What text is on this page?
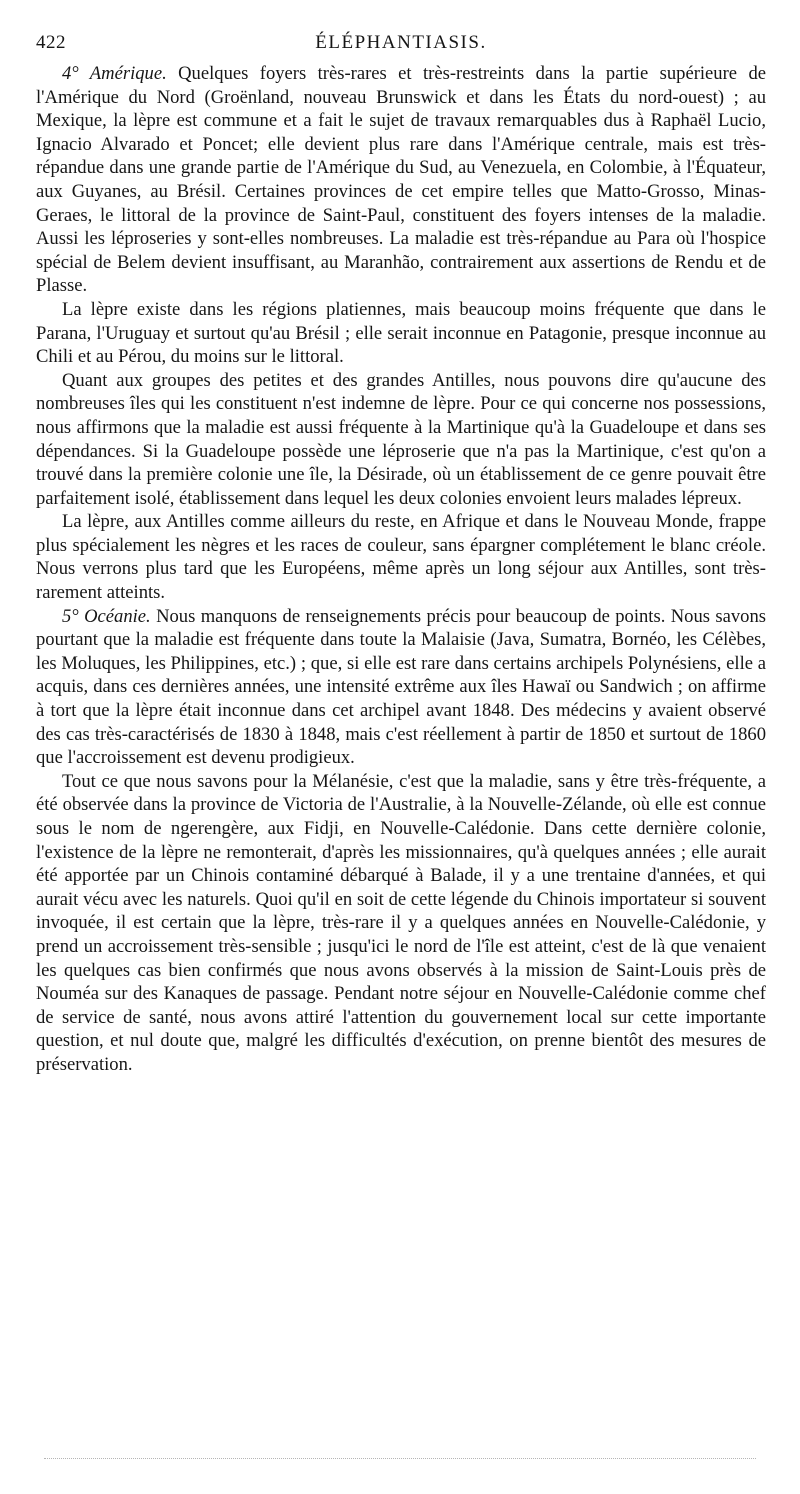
422	ÉLÉPHANTIASIS.

4° Amérique. Quelques foyers très-rares et très-restreints dans la partie supérieure de l'Amérique du Nord (Groënland, nouveau Brunswick et dans les États du nord-ouest) ; au Mexique, la lèpre est commune et a fait le sujet de travaux remarquables dus à Raphaël Lucio, Ignacio Alvarado et Poncet; elle devient plus rare dans l'Amérique centrale, mais est très-répandue dans une grande partie de l'Amérique du Sud, au Venezuela, en Colombie, à l'Équateur, aux Guyanes, au Brésil. Certaines provinces de cet empire telles que Matto-Grosso, Minas-Geraes, le littoral de la province de Saint-Paul, constituent des foyers intenses de la maladie. Aussi les léproseries y sont-elles nombreuses. La maladie est très-répandue au Para où l'hospice spécial de Belem devient insuffisant, au Maranhão, contrairement aux assertions de Rendu et de Plasse.

La lèpre existe dans les régions platiennes, mais beaucoup moins fréquente que dans le Parana, l'Uruguay et surtout qu'au Brésil ; elle serait inconnue en Patagonie, presque inconnue au Chili et au Pérou, du moins sur le littoral.

Quant aux groupes des petites et des grandes Antilles, nous pouvons dire qu'aucune des nombreuses îles qui les constituent n'est indemne de lèpre. Pour ce qui concerne nos possessions, nous affirmons que la maladie est aussi fréquente à la Martinique qu'à la Guadeloupe et dans ses dépendances. Si la Guadeloupe possède une léproserie que n'a pas la Martinique, c'est qu'on a trouvé dans la première colonie une île, la Désirade, où un établissement de ce genre pouvait être parfaitement isolé, établissement dans lequel les deux colonies envoient leurs malades lépreux.

La lèpre, aux Antilles comme ailleurs du reste, en Afrique et dans le Nouveau Monde, frappe plus spécialement les nègres et les races de couleur, sans épargner complétement le blanc créole. Nous verrons plus tard que les Européens, même après un long séjour aux Antilles, sont très-rarement atteints.

5° Océanie. Nous manquons de renseignements précis pour beaucoup de points. Nous savons pourtant que la maladie est fréquente dans toute la Malaisie (Java, Sumatra, Bornéo, les Célèbes, les Moluques, les Philippines, etc.) ; que, si elle est rare dans certains archipels Polynésiens, elle a acquis, dans ces dernières années, une intensité extrême aux îles Hawaï ou Sandwich ; on affirme à tort que la lèpre était inconnue dans cet archipel avant 1848. Des médecins y avaient observé des cas très-caractérisés de 1830 à 1848, mais c'est réellement à partir de 1850 et surtout de 1860 que l'accroissement est devenu prodigieux.

Tout ce que nous savons pour la Mélanésie, c'est que la maladie, sans y être très-fréquente, a été observée dans la province de Victoria de l'Australie, à la Nouvelle-Zélande, où elle est connue sous le nom de ngerengère, aux Fidji, en Nouvelle-Calédonie. Dans cette dernière colonie, l'existence de la lèpre ne remonterait, d'après les missionnaires, qu'à quelques années ; elle aurait été apportée par un Chinois contaminé débarqué à Balade, il y a une trentaine d'années, et qui aurait vécu avec les naturels. Quoi qu'il en soit de cette légende du Chinois importateur si souvent invoquée, il est certain que la lèpre, très-rare il y a quelques années en Nouvelle-Calédonie, y prend un accroissement très-sensible ; jusqu'ici le nord de l'île est atteint, c'est de là que venaient les quelques cas bien confirmés que nous avons observés à la mission de Saint-Louis près de Nouméa sur des Kanaques de passage. Pendant notre séjour en Nouvelle-Calédonie comme chef de service de santé, nous avons attiré l'attention du gouvernement local sur cette importante question, et nul doute que, malgré les difficultés d'exécution, on prenne bientôt des mesures de préservation.
